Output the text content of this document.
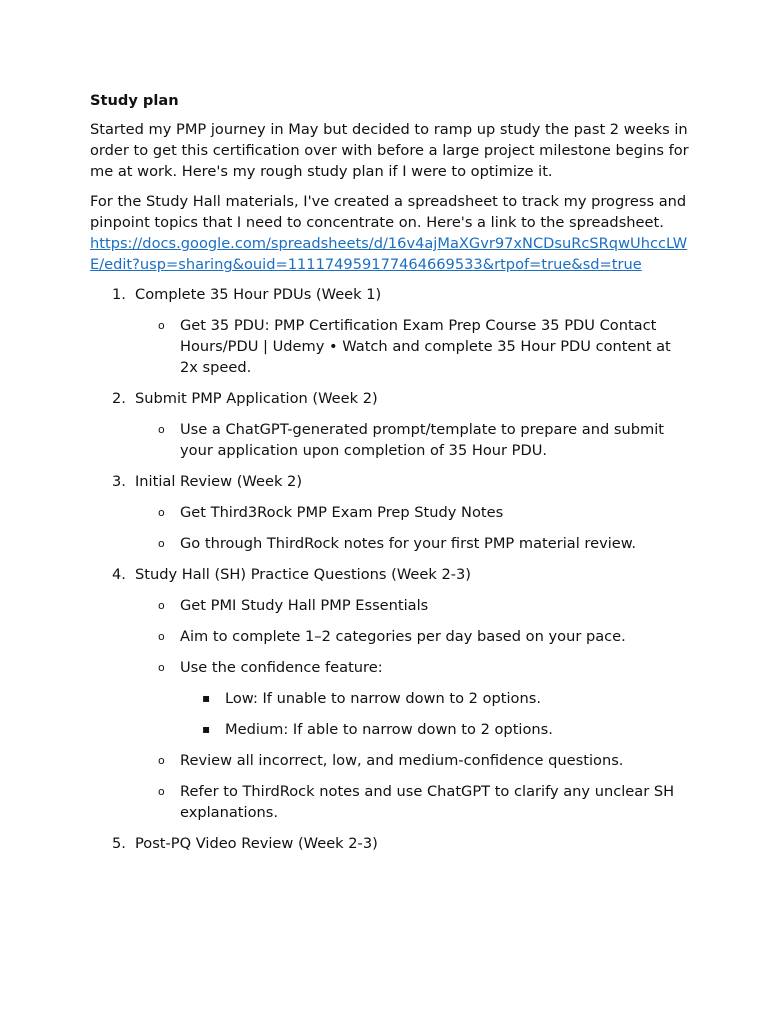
Study plan

Started my PMP journey in May but decided to ramp up study the past 2 weeks in order to get this certification over with before a large project milestone begins for me at work. Here's my rough study plan if I were to optimize it.

For the Study Hall materials, I've created a spreadsheet to track my progress and pinpoint topics that I need to concentrate on. Here's a link to the spreadsheet.
https://docs.google.com/spreadsheets/d/16v4ajMaXGvr97xNCDsuRcSRqwUhccLWE/edit?usp=sharing&ouid=111174959177464669533&rtpof=true&sd=true

1. Complete 35 Hour PDUs (Week 1)
o Get 35 PDU: PMP Certification Exam Prep Course 35 PDU Contact Hours/PDU | Udemy • Watch and complete 35 Hour PDU content at 2x speed.
2. Submit PMP Application (Week 2)
o Use a ChatGPT-generated prompt/template to prepare and submit your application upon completion of 35 Hour PDU.
3. Initial Review (Week 2)
o Get Third3Rock PMP Exam Prep Study Notes
o Go through ThirdRock notes for your first PMP material review.
4. Study Hall (SH) Practice Questions (Week 2-3)
o Get PMI Study Hall PMP Essentials
o Aim to complete 1–2 categories per day based on your pace.
o Use the confidence feature:
▪ Low: If unable to narrow down to 2 options.
▪ Medium: If able to narrow down to 2 options.
o Review all incorrect, low, and medium-confidence questions.
o Refer to ThirdRock notes and use ChatGPT to clarify any unclear SH explanations.
5. Post-PQ Video Review (Week 2-3)
